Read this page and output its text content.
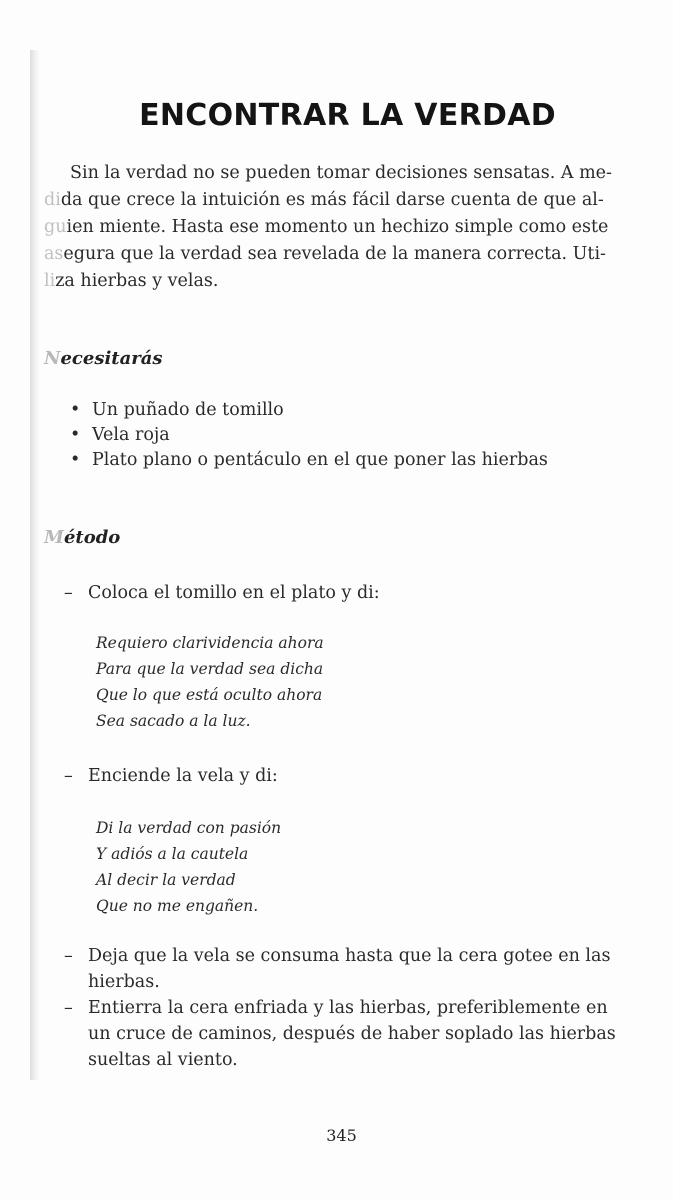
ENCONTRAR LA VERDAD

Sin la verdad no se pueden tomar decisiones sensatas. A me-
dida que crece la intuición es más fácil darse cuenta de que al-
guien miente. Hasta ese momento un hechizo simple como este
asegura que la verdad sea revelada de la manera correcta. Uti-
liza hierbas y velas.

Necesitarás
• Un puñado de tomillo
• Vela roja
• Plato plano o pentáculo en el que poner las hierbas
Método
– Coloca el tomillo en el plato y di:
Requiero clarividencia ahora
Para que la verdad sea dicha
Que lo que está oculto ahora
Sea sacado a la luz.
– Enciende la vela y di:
Di la verdad con pasión
Y adiós a la cautela
Al decir la verdad
Que no me engañen.
– Deja que la vela se consuma hasta que la cera gotee en las
hierbas.
– Entierra la cera enfriada y las hierbas, preferiblemente en
un cruce de caminos, después de haber soplado las hierbas
sueltas al viento.
345
